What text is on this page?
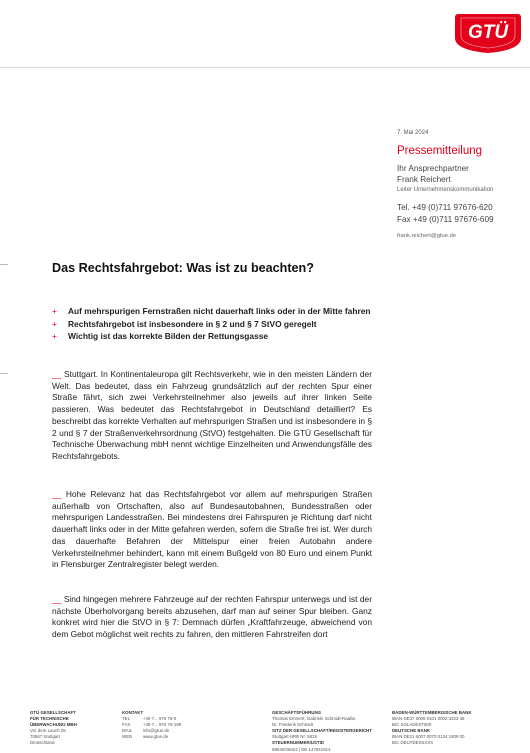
GTÜ
7. Mai 2024
Pressemitteilung
Ihr Ansprechpartner
Frank Reichert
Leiter Unternehmenskommunikation
Tel. +49 (0)711 97676-620
Fax +49 (0)711 97676-609
frank.reichert@gtue.de
Das Rechtsfahrgebot: Was ist zu beachten?
+ Auf mehrspurigen Fernstraßen nicht dauerhaft links oder in der Mitte fahren
+ Rechtsfahrgebot ist insbesondere in § 2 und § 7 StVO geregelt
+ Wichtig ist das korrekte Bilden der Rettungsgasse

__ Stuttgart. In Kontinentaleuropa gilt Rechtsverkehr, wie in den meisten Ländern der Welt. Das bedeutet, dass ein Fahrzeug grundsätzlich auf der rechten Spur einer Straße fährt, sich zwei Verkehrsteilnehmer also jeweils auf ihrer linken Seite passieren. Was bedeutet das Rechtsfahrgebot in Deutschland detailliert? Es beschreibt das korrekte Verhalten auf mehrspurigen Straßen und ist insbesondere in § 2 und § 7 der Straßenverkehrsordnung (StVO) festgehalten. Die GTÜ Gesellschaft für Technische Überwachung mbH nennt wichtige Einzelheiten und Anwendungsfälle des Rechtsfahrgebots.

__ Hohe Relevanz hat das Rechtsfahrgebot vor allem auf mehrspurigen Straßen außerhalb von Ortschaften, also auf Bundesautobahnen, Bundesstraßen oder mehrspurigen Landesstraßen. Bei mindestens drei Fahrspuren je Richtung darf nicht dauerhaft links oder in der Mitte gefahren werden, sofern die Straße frei ist. Wer durch das dauerhafte Befahren der Mittelspur einer freien Autobahn andere Verkehrsteilnehmer behindert, kann mit einem Bußgeld von 80 Euro und einem Punkt in Flensburger Zentralregister belegt werden.

__ Sind hingegen mehrere Fahrzeuge auf der rechten Fahrspur unterwegs und ist der nächste Überholvorgang bereits abzusehen, darf man auf seiner Spur bleiben. Ganz konkret wird hier die StVO in § 7: Demnach dürfen „Kraftfahrzeuge, abweichend von dem Gebot möglichst weit rechts zu fahren, den mittleren Fahrstreifen dort

GTÜ GESELLSCHAFT
FÜR TECHNISCHE
ÜBERWACHUNG MBH
Vor dem Lauch 25
70567 Stuttgart
Deutschland
KONTAKT
TEL	+49 7... 976 76-0
FAX	+49 7... 976 76-199
MAIL info@gtue.de
WEB www.gtue.de
GESCHÄFTSFÜHRUNG
Thomas Emmert, Gabriele Schmidt-Raaße,
Dr. Friederik Schmidt
SITZ DER GESELLSCHAFT/REGISTERGERICHT
Stuttgart HRB Nr. 5818
STEUERNUMMER/USTID
99040/36522 | DE 147841514
BADEN-WÜRTTEMBERGISCHE BANK
IBAN DE37 6005 0101 0002 3223 46
BIC SOLADEST600
DEUTSCHE BANK
IBAN DE21 6007 0070 0134 1809 00
BIC DEUTDESSXXX
